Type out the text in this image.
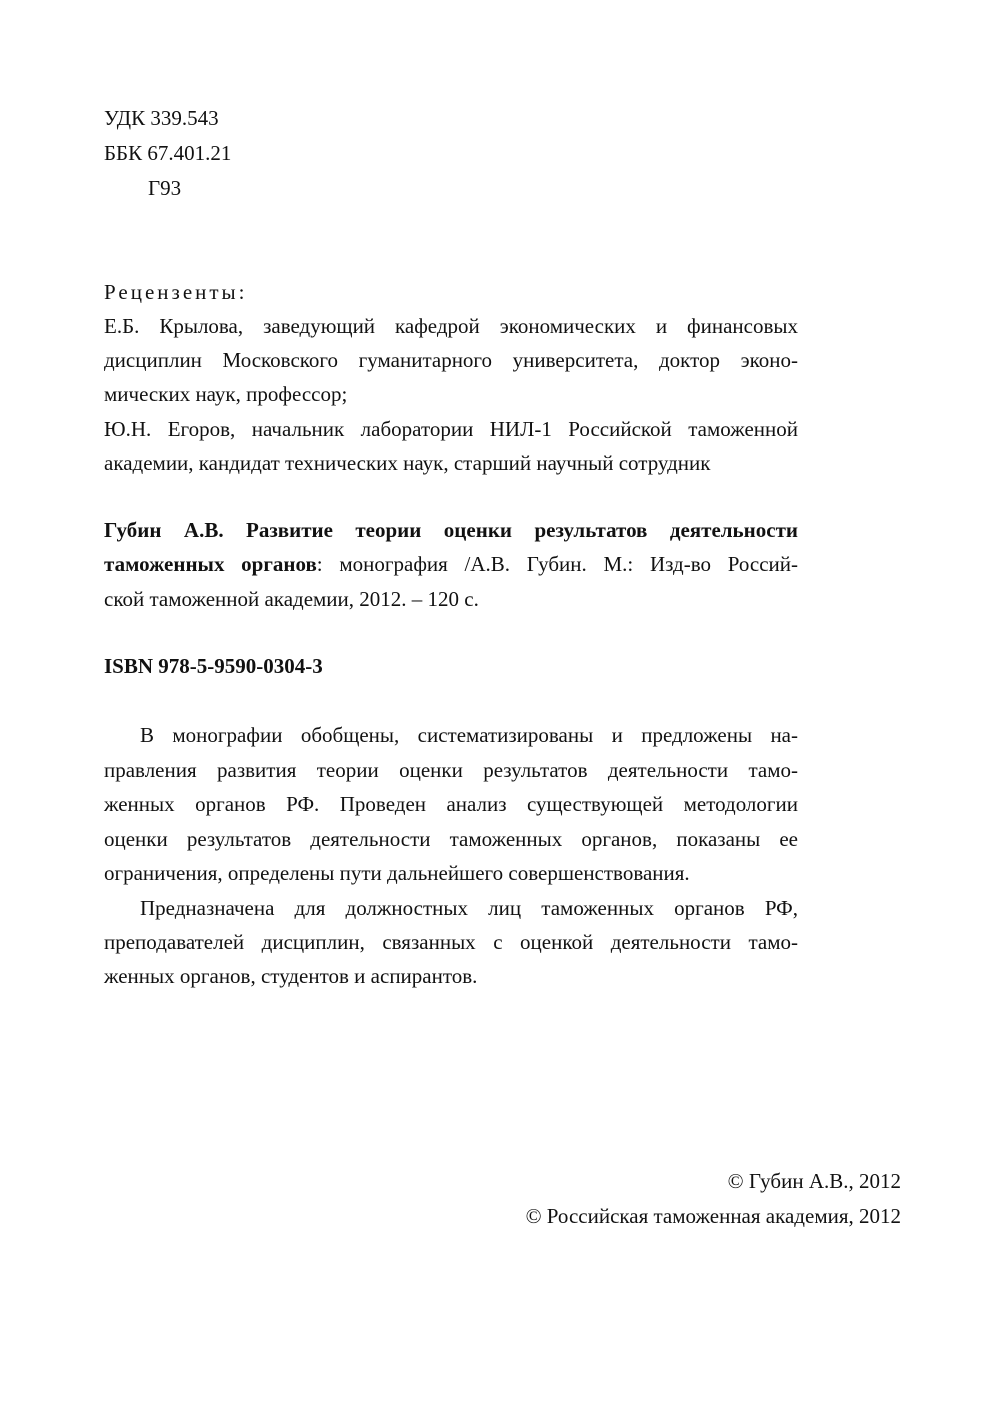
УДК 339.543
ББК 67.401.21
Г93
Рецензенты:
Е.Б. Крылова, заведующий кафедрой экономических и финансовых
дисциплин Московского гуманитарного университета, доктор эконо-
мических наук, профессор;
Ю.Н. Егоров, начальник лаборатории НИЛ-1 Российской таможенной
академии, кандидат технических наук, старший научный сотрудник
Губин А.В. Развитие теории оценки результатов деятельности
таможенных органов: монография /А.В. Губин. М.: Изд-во Россий-
ской таможенной академии, 2012. – 120 с.
ISBN 978-5-9590-0304-3
В монографии обобщены, систематизированы и предложены на-
правления развития теории оценки результатов деятельности тамо-
женных органов РФ. Проведен анализ существующей методологии
оценки результатов деятельности таможенных органов, показаны ее
ограничения, определены пути дальнейшего совершенствования.
Предназначена для должностных лиц таможенных органов РФ,
преподавателей дисциплин, связанных с оценкой деятельности тамо-
женных органов, студентов и аспирантов.
© Губин А.В., 2012
© Российская таможенная академия, 2012
